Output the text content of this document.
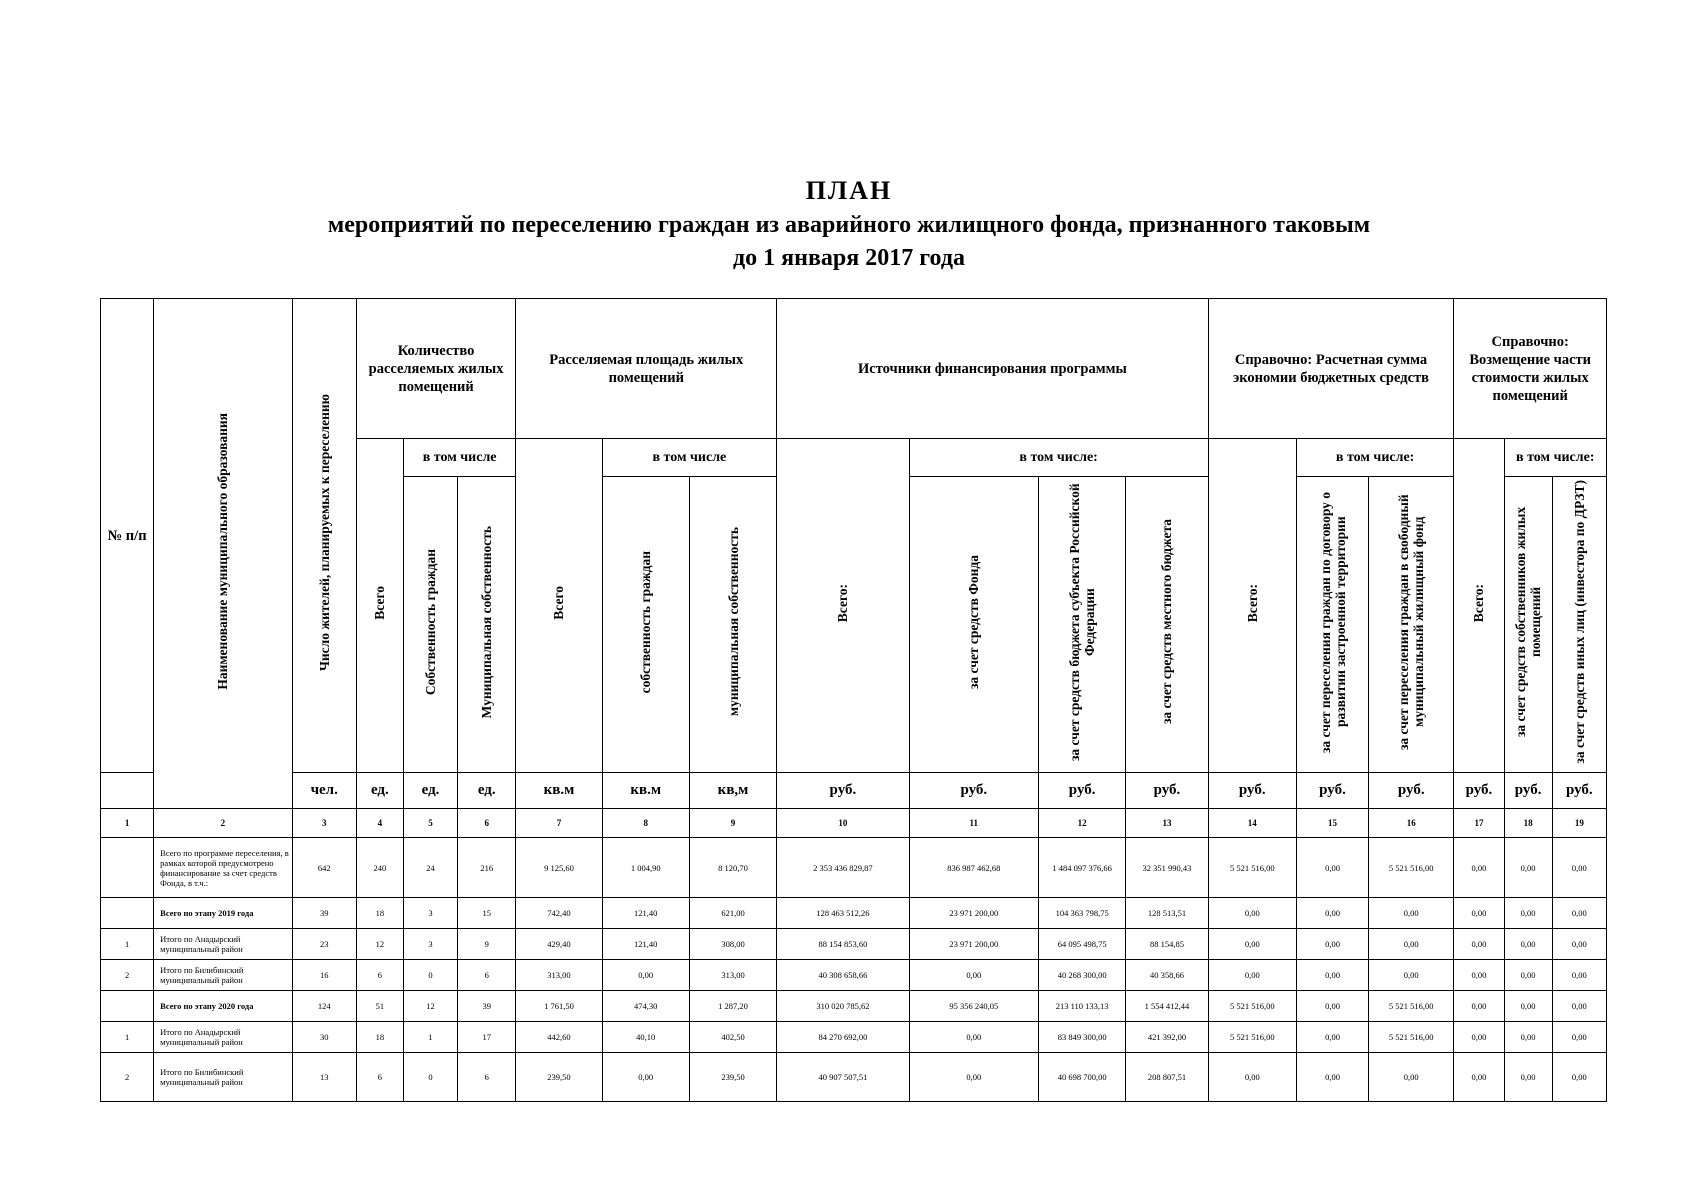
ПЛАН
мероприятий по переселению граждан из аварийного жилищного фонда, признанного таковым
до 1 января 2017 года
№ п/п	Наименование муниципального образования	Число жителей, планируемых к переселению	Количество расселяемых жилых помещений			Расселяемая площадь жилых помещений			Источники финансирования программы				Справочно: Расчетная сумма экономии бюджетных средств			Справочно: Возмещение части стоимости жилых помещений		
			Всего	в том числе		Всего	в том числе		Всего:	в том числе:			Всего:	в том числе:		Всего:	в том числе:	
				Собственность граждан	Муниципальная собственность		собственность граждан	муниципальная собственность		за счет средств Фонда	за счет средств бюджета субъекта Российской Федерации	за счет средств местного бюджета		за счет переселения граждан по договору о развитии застроенной территории	за счет переселения граждан в свободный муниципальный жилищный фонд		за счет средств собственников жилых помещений	за счет средств иных лиц (инвестора по ДРЗТ)
		чел.	ед.	ед.	ед.	кв.м	кв.м	кв,м	руб.	руб.	руб.	руб.	руб.	руб.	руб.	руб.	руб.	руб.
1	2	3	4	5	6	7	8	9	10	11	12	13	14	15	16	17	18	19
	Всего по программе переселения, в рамках которой предусмотрено финансирование за счет средств Фонда, в т.ч.:	642	240	24	216	9 125,60	1 004,90	8 120,70	2 353 436 829,87	836 987 462,68	1 484 097 376,66	32 351 990,43	5 521 516,00	0,00	5 521 516,00	0,00	0,00	0,00
	Всего по этапу 2019 года	39	18	3	15	742,40	121,40	621,00	128 463 512,26	23 971 200,00	104 363 798,75	128 513,51	0,00	0,00	0,00	0,00	0,00	0,00
1	Итого по Анадырский муниципальный район	23	12	3	9	429,40	121,40	308,00	88 154 853,60	23 971 200,00	64 095 498,75	88 154,85	0,00	0,00	0,00	0,00	0,00	0,00
2	Итого по Билибинский муниципальный район	16	6	0	6	313,00	0,00	313,00	40 308 658,66	0,00	40 268 300,00	40 358,66	0,00	0,00	0,00	0,00	0,00	0,00
	Всего по этапу 2020 года	124	51	12	39	1 761,50	474,30	1 287,20	310 020 785,62	95 356 240,05	213 110 133,13	1 554 412,44	5 521 516,00	0,00	5 521 516,00	0,00	0,00	0,00
1	Итого по Анадырский муниципальный район	30	18	1	17	442,60	40,10	402,50	84 270 692,00	0,00	83 849 300,00	421 392,00	5 521 516,00	0,00	5 521 516,00	0,00	0,00	0,00
2	Итого по Билибинский муниципальный район	13	6	0	6	239,50	0,00	239,50	40 907 507,51	0,00	40 698 700,00	208 807,51	0,00	0,00	0,00	0,00	0,00	0,00
